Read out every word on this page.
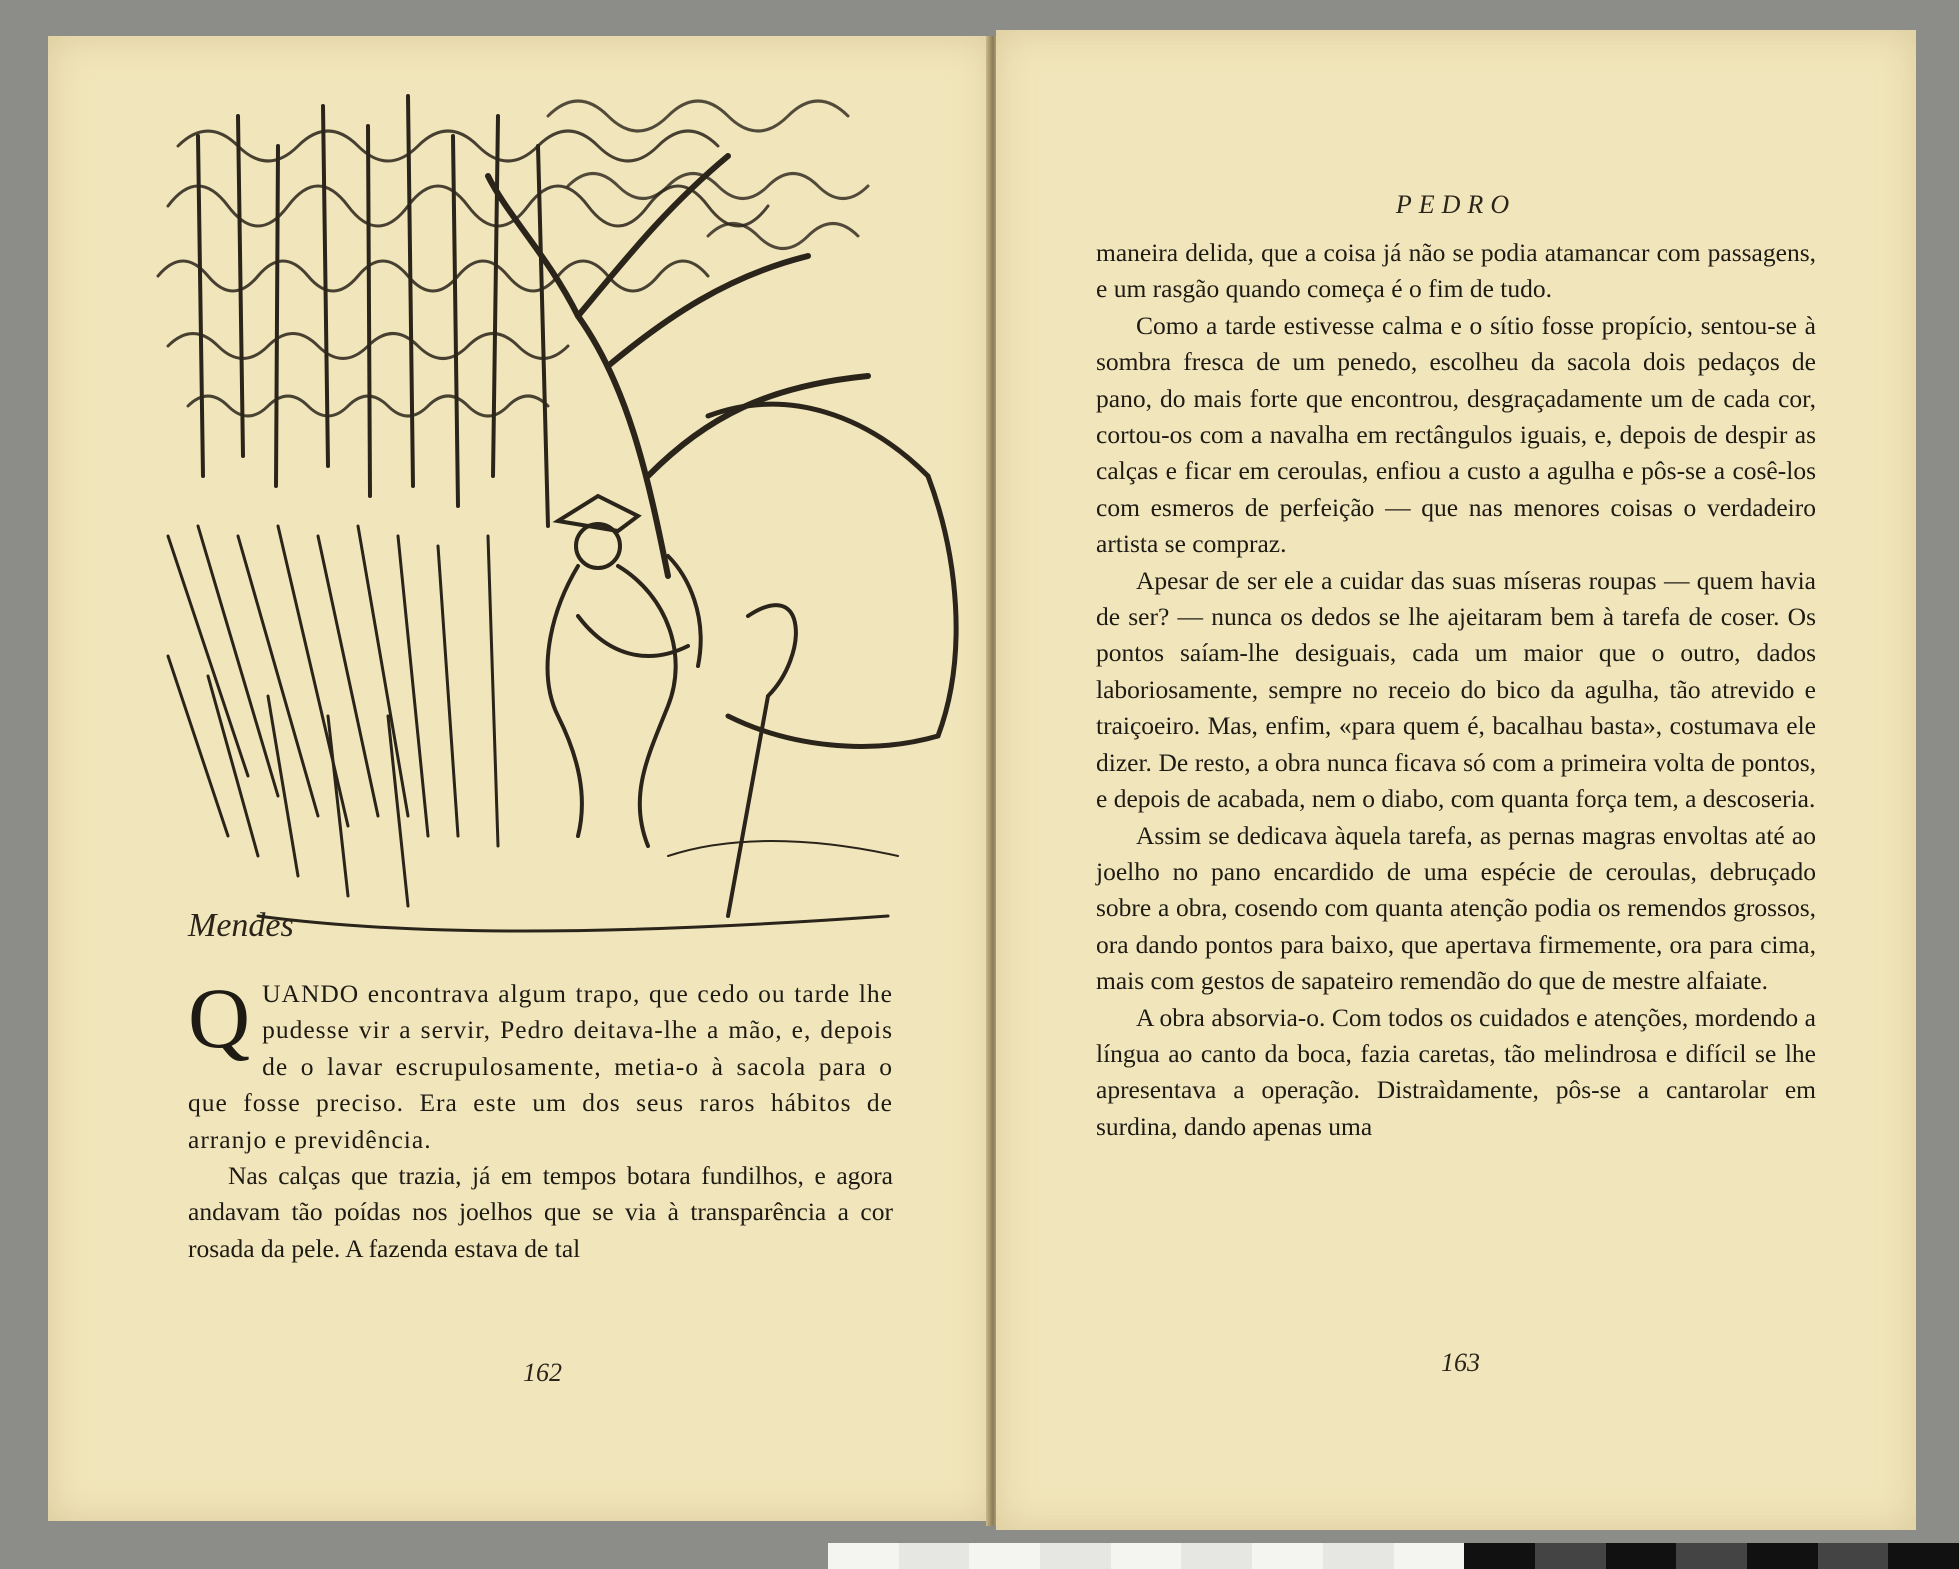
Mendes
Q UANDO encontrava algum trapo, que cedo ou tarde lhe pudesse vir a servir, Pedro deitava-lhe a mão, e, depois de o lavar escrupulosamente, metia-o à sacola para o que fosse preciso. Era este um dos seus raros hábitos de arranjo e previdência.

Nas calças que trazia, já em tempos botara fundilhos, e agora andavam tão poídas nos joelhos que se via à transparência a cor rosada da pele. A fazenda estava de tal

162
PEDRO

maneira delida, que a coisa já não se podia atamancar com passagens, e um rasgão quando começa é o fim de tudo.

Como a tarde estivesse calma e o sítio fosse propício, sentou-se à sombra fresca de um penedo, escolheu da sacola dois pedaços de pano, do mais forte que encontrou, desgraçadamente um de cada cor, cortou-os com a navalha em rectângulos iguais, e, depois de despir as calças e ficar em ceroulas, enfiou a custo a agulha e pôs-se a cosê-los com esmeros de perfeição — que nas menores coisas o verdadeiro artista se compraz.

Apesar de ser ele a cuidar das suas míseras roupas — quem havia de ser? — nunca os dedos se lhe ajeitaram bem à tarefa de coser. Os pontos saíam-lhe desiguais, cada um maior que o outro, dados laboriosamente, sempre no receio do bico da agulha, tão atrevido e traiçoeiro. Mas, enfim, «para quem é, bacalhau basta», costumava ele dizer. De resto, a obra nunca ficava só com a primeira volta de pontos, e depois de acabada, nem o diabo, com quanta força tem, a descoseria.

Assim se dedicava àquela tarefa, as pernas magras envoltas até ao joelho no pano encardido de uma espécie de ceroulas, debruçado sobre a obra, cosendo com quanta atenção podia os remendos grossos, ora dando pontos para baixo, que apertava firmemente, ora para cima, mais com gestos de sapateiro remendão do que de mestre alfaiate.

A obra absorvia-o. Com todos os cuidados e atenções, mordendo a língua ao canto da boca, fazia caretas, tão melindrosa e difícil se lhe apresentava a operação. Distraìdamente, pôs-se a cantarolar em surdina, dando apenas uma

163
